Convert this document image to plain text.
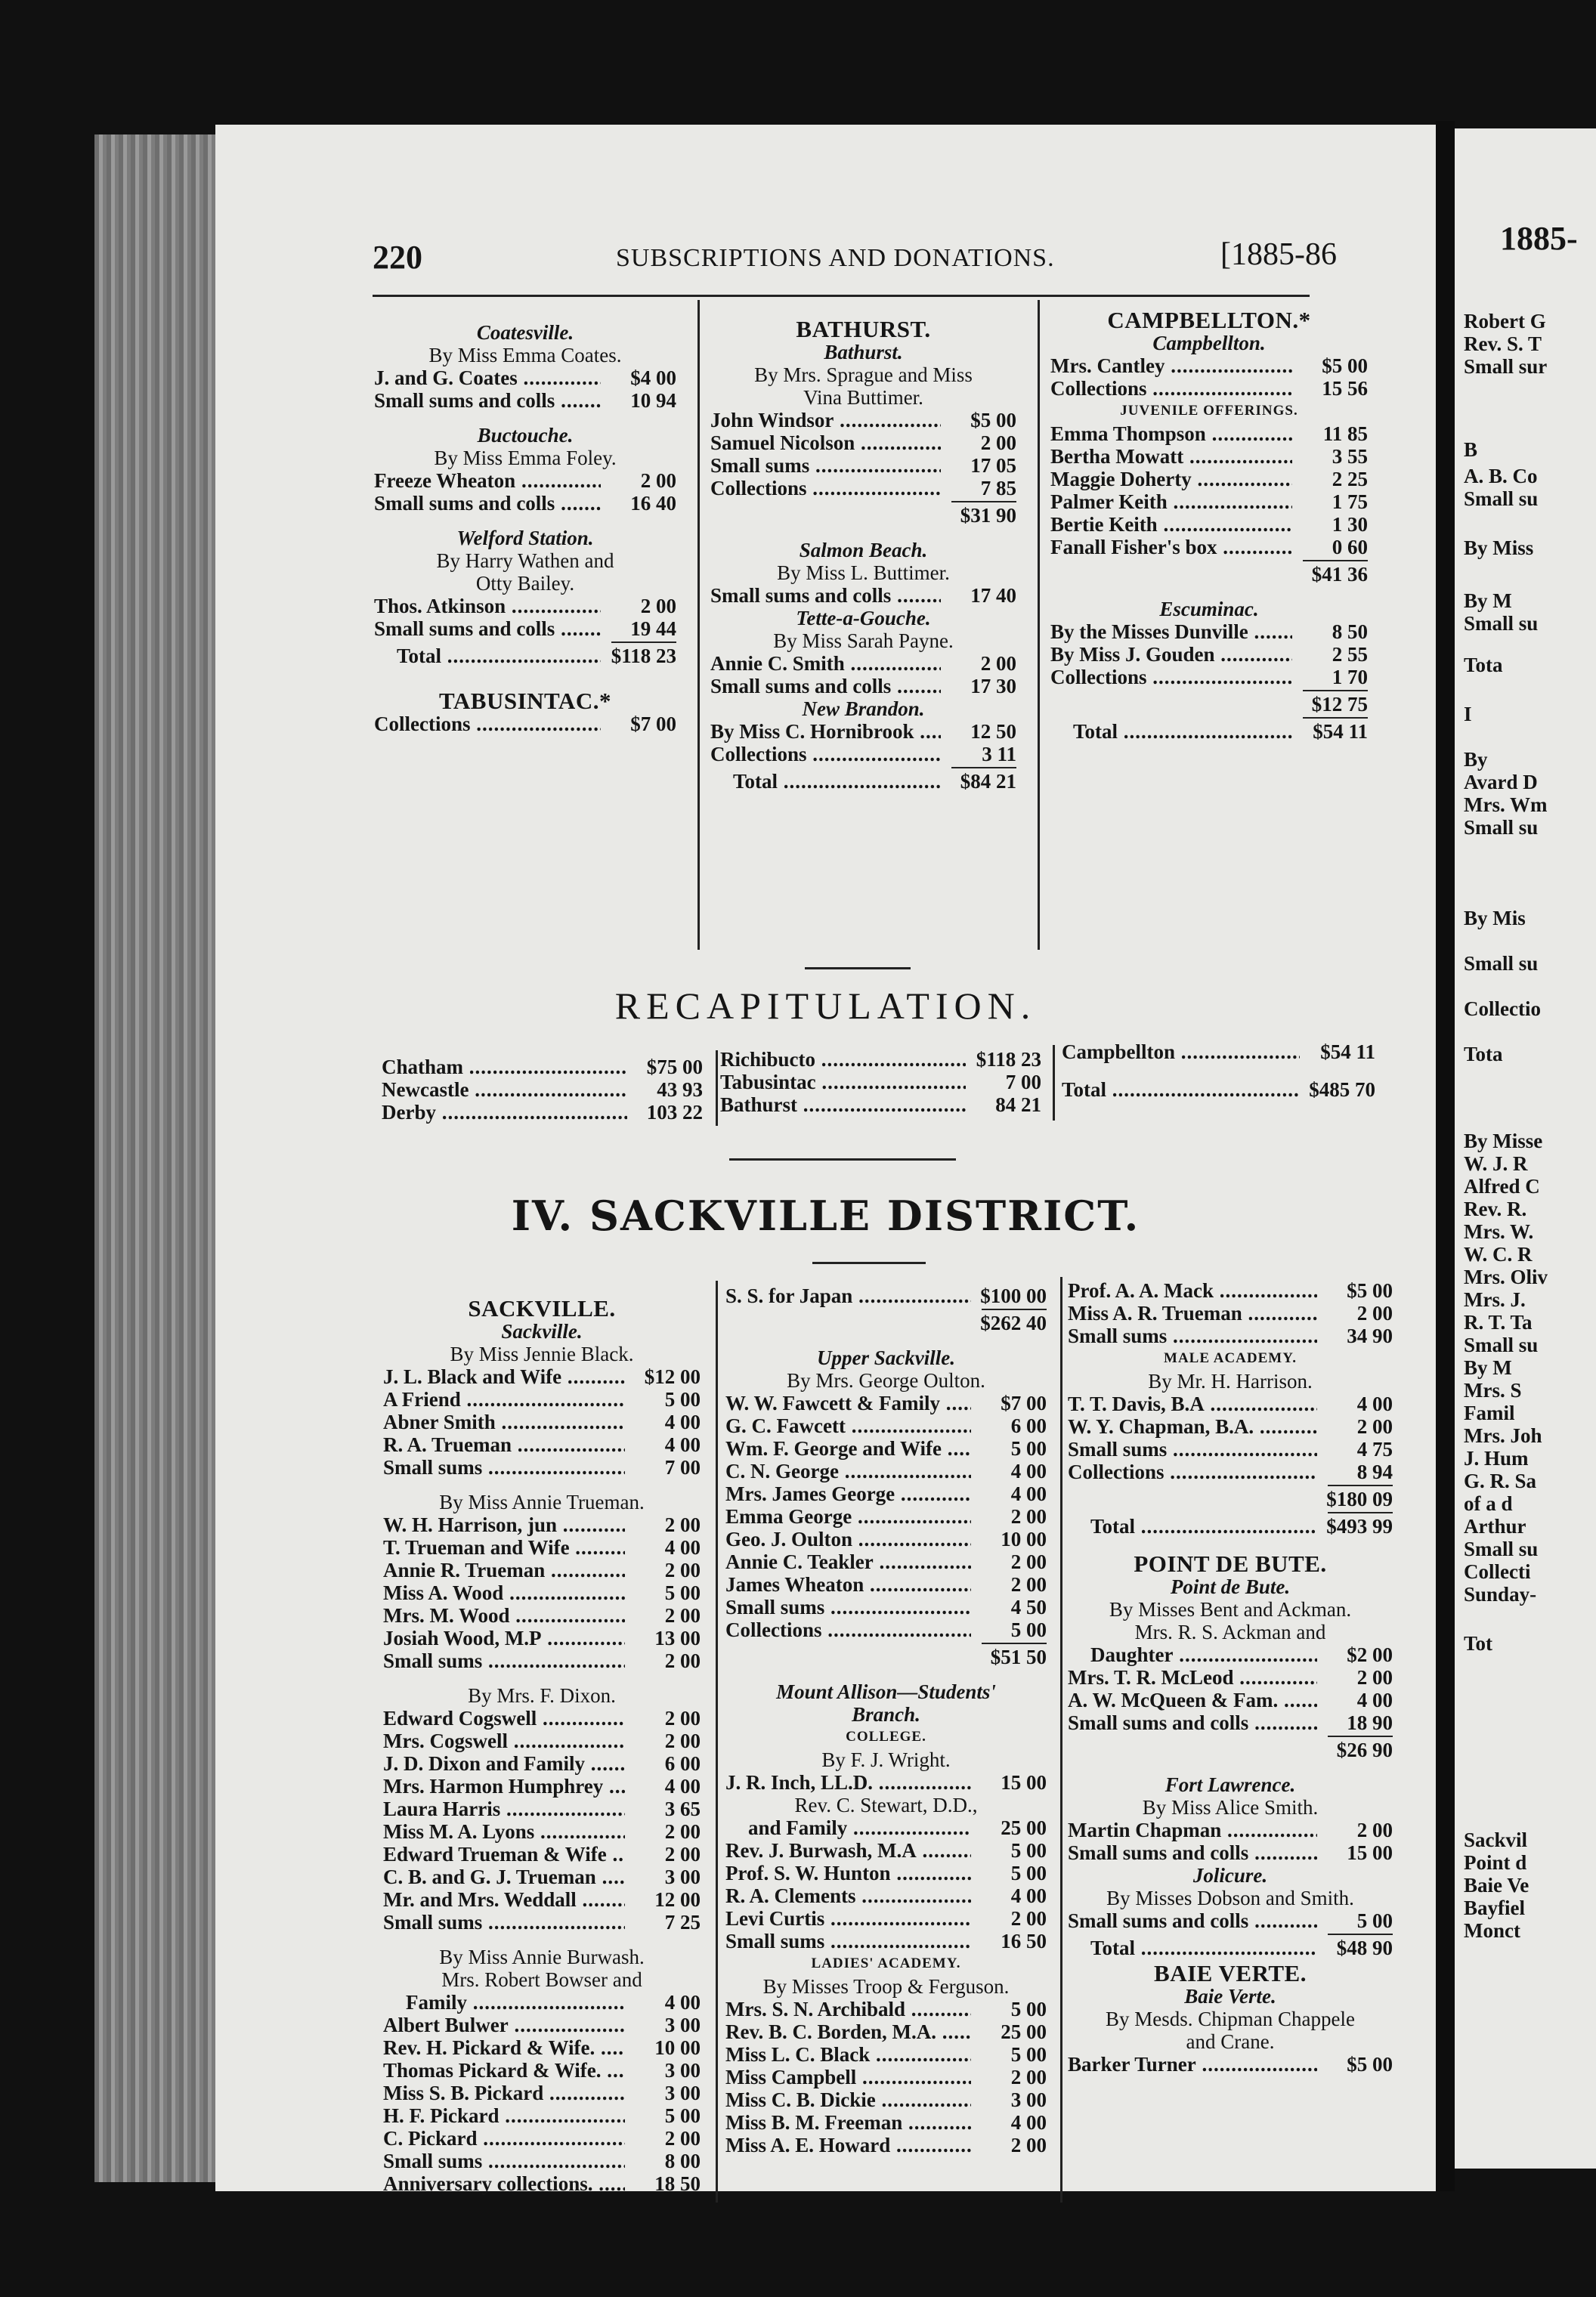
220	SUBSCRIPTIONS AND DONATIONS.	[1885-86
Coatesville.
By Miss Emma Coates.
J. and G. Coates .....	$4 00
Small sums and colls .....	10 94
Buctouche.
By Miss Emma Foley.
Freeze Wheaton .....	2 00
Small sums and colls .....	16 40
Welford Station.
By Harry Wathen and
Otty Bailey.
Thos. Atkinson .....	2 00
Small sums and colls .....	19 44
Total .....	$118 23
TABUSINTAC.*
Collections .....	$7 00
BATHURST.
Bathurst.
By Mrs. Sprague and Miss
Vina Buttimer.
John Windsor .....	$5 00
Samuel Nicolson .....	2 00
Small sums .....	17 05
Collections .....	7 85
$31 90
Salmon Beach.
By Miss L. Buttimer.
Small sums and colls .....	17 40
Tette-a-Gouche.
By Miss Sarah Payne.
Annie C. Smith .....	2 00
Small sums and colls .....	17 30
New Brandon.
By Miss C. Hornibrook .....	12 50
Collections .....	3 11
Total .....	$84 21
CAMPBELLTON.*
Campbellton.
Mrs. Cantley .....	$5 00
Collections .....	15 56
JUVENILE OFFERINGS.
Emma Thompson .....	11 85
Bertha Mowatt .....	3 55
Maggie Doherty .....	2 25
Palmer Keith .....	1 75
Bertie Keith .....	1 30
Fanall Fisher's box .....	0 60
$41 36
Escuminac.
By the Misses Dunville .....	8 50
By Miss J. Gouden .....	2 55
Collections .....	1 70
$12 75
Total .....	$54 11
RECAPITULATION.
Chatham .....	$75 00
Newcastle .....	43 93
Derby .....	103 22
Richibucto .....	$118 23
Tabusintac .....	7 00
Bathurst .....	84 21
Campbellton .....	$54 11
Total .....	$485 70
IV. SACKVILLE DISTRICT.
SACKVILLE.
Sackville.
By Miss Jennie Black.
J. L. Black and Wife .....	$12 00
A Friend .....	5 00
Abner Smith .....	4 00
R. A. Trueman .....	4 00
Small sums .....	7 00
By Miss Annie Trueman.
W. H. Harrison, jun .....	2 00
T. Trueman and Wife .....	4 00
Annie R. Trueman .....	2 00
Miss A. Wood .....	5 00
Mrs. M. Wood .....	2 00
Josiah Wood, M.P .....	13 00
Small sums .....	2 00
By Mrs. F. Dixon.
Edward Cogswell .....	2 00
Mrs. Cogswell .....	2 00
J. D. Dixon and Family .....	6 00
Mrs. Harmon Humphrey .....	4 00
Laura Harris .....	3 65
Miss M. A. Lyons .....	2 00
Edward Trueman & Wife .....	2 00
C. B. and G. J. Trueman .....	3 00
Mr. and Mrs. Weddall .....	12 00
Small sums .....	7 25
By Miss Annie Burwash.
Mrs. Robert Bowser and
Family .....	4 00
Albert Bulwer .....	3 00
Rev. H. Pickard & Wife. .....	10 00
Thomas Pickard & Wife. .....	3 00
Miss S. B. Pickard .....	3 00
H. F. Pickard .....	5 00
C. Pickard .....	2 00
Small sums .....	8 00
Anniversary collections. .....	18 50
S. S. for Japan .....	$100 00
$262 40
Upper Sackville.
By Mrs. George Oulton.
W. W. Fawcett & Family .....	$7 00
G. C. Fawcett .....	6 00
Wm. F. George and Wife .....	5 00
C. N. George .....	4 00
Mrs. James George .....	4 00
Emma George .....	2 00
Geo. J. Oulton .....	10 00
Annie C. Teakler .....	2 00
James Wheaton .....	2 00
Small sums .....	4 50
Collections .....	5 00
$51 50
Mount Allison—Students'
Branch.
COLLEGE.
By F. J. Wright.
J. R. Inch, LL.D. .....	15 00
Rev. C. Stewart, D.D.,
and Family .....	25 00
Rev. J. Burwash, M.A .....	5 00
Prof. S. W. Hunton .....	5 00
R. A. Clements .....	4 00
Levi Curtis .....	2 00
Small sums .....	16 50
LADIES' ACADEMY.
By Misses Troop & Ferguson.
Mrs. S. N. Archibald .....	5 00
Rev. B. C. Borden, M.A. .....	25 00
Miss L. C. Black .....	5 00
Miss Campbell .....	2 00
Miss C. B. Dickie .....	3 00
Miss B. M. Freeman .....	4 00
Miss A. E. Howard .....	2 00
Prof. A. A. Mack .....	$5 00
Miss A. R. Trueman .....	2 00
Small sums .....	34 90
MALE ACADEMY.
By Mr. H. Harrison.
T. T. Davis, B.A .....	4 00
W. Y. Chapman, B.A. .....	2 00
Small sums .....	4 75
Collections .....	8 94
$180 09
Total .....	$493 99
POINT DE BUTE.
Point de Bute.
By Misses Bent and Ackman.
Mrs. R. S. Ackman and
Daughter .....	$2 00
Mrs. T. R. McLeod .....	2 00
A. W. McQueen & Fam. .....	4 00
Small sums and colls .....	18 90
$26 90
Fort Lawrence.
By Miss Alice Smith.
Martin Chapman .....	2 00
Small sums and colls .....	15 00
Jolicure.
By Misses Dobson and Smith.
Small sums and colls .....	5 00
Total .....	$48 90
BAIE VERTE.
Baie Verte.
By Mesds. Chipman Chappele
and Crane.
Barker Turner .....	$5 00
1885-
Robert G
Rev. S. T
Small sur
B
A. B. Co
Small su
By Miss
By M
Small su
Tota
I
By
Avard D
Mrs. Wm
Small su
By Mis
Small su
Collectio
Tota
By Misse
W. J. R
Alfred C
Rev. R.
Mrs. W.
W. C. R
Mrs. Oliv
Mrs. J.
R. T. Ta
Small su
By M
Mrs. S
Famil
Mrs. Joh
J. Hum
G. R. Sa
of a d
Arthur
Small su
Collecti
Sunday-
Tot
Sackvil
Point d
Baie Ve
Bayfiel
Monct
